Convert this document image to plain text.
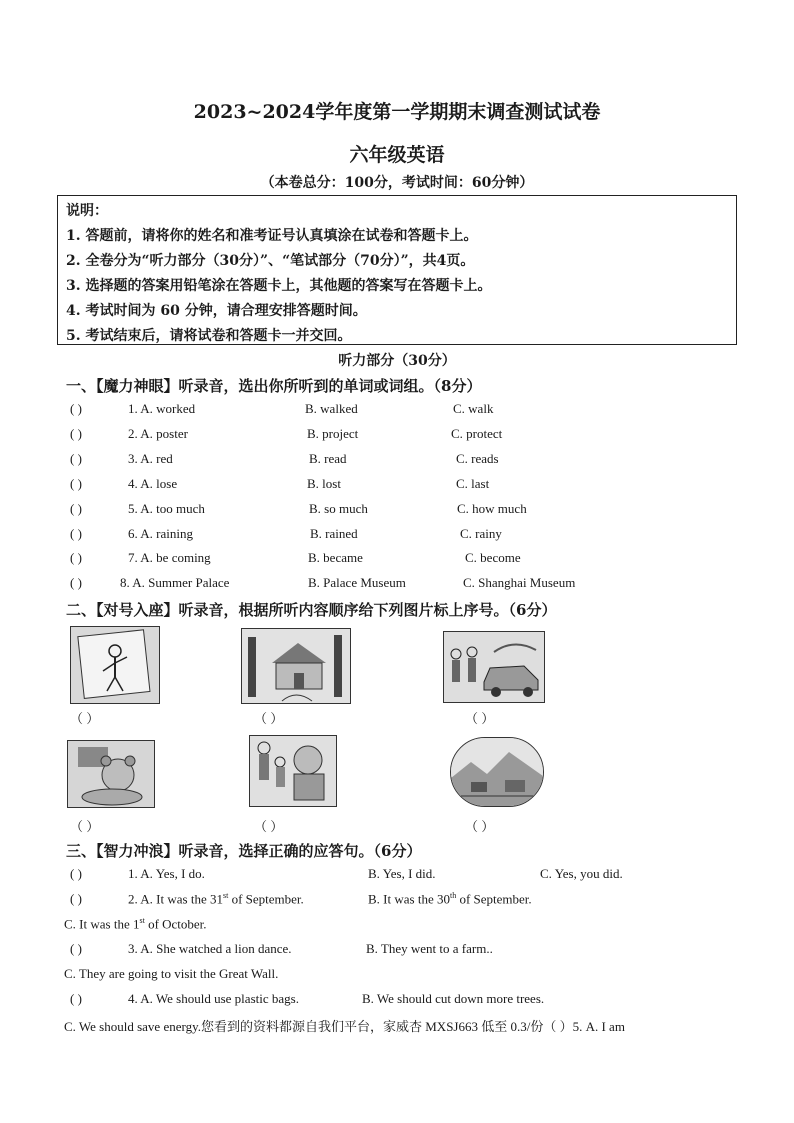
2023~2024学年度第一学期期末调查测试试卷
六年级英语
（本卷总分：100分，考试时间：60分钟）
说明：
1. 答题前，请将你的姓名和准考证号认真填涂在试卷和答题卡上。
2. 全卷分为“听力部分（30分）”、“笔试部分（70分）”，共4页。
3. 选择题的答案用铅笔涂在答题卡上，其他题的答案写在答题卡上。
4. 考试时间为 60 分钟，请合理安排答题时间。
5. 考试结束后，请将试卷和答题卡一并交回。
听力部分（30分）
一、【魔力神眼】听录音，选出你所听到的单词或词组。（8分）
( )	1. A. worked	B. walked	C. walk
( )	2. A. poster	B. project	C. protect
( )	3. A. red	B. read	C. reads
( )	4. A. lose	B. lost	C. last
( )	5. A. too much	B. so much	C. how much
( )	6. A. raining	B. rained	C. rainy
( )	7. A. be coming	B. became	C. become
( )	8. A. Summer Palace	B. Palace Museum	C. Shanghai Museum
二、【对号入座】听录音，根据所听内容顺序给下列图片标上序号。（6分）
（ ）	（ ）	（ ）
（ ）	（ ）	（ ）
三、【智力冲浪】听录音，选择正确的应答句。（6分）
( )	1. A. Yes, I do.	B. Yes, I did.	C. Yes, you did.
( )	2. A. It was the 31st of September.	B. It was the 30th of September.
C. It was the 1st of October.
( )	3. A. She watched a lion dance.	B. They went to a farm..
C. They are going to visit the Great Wall.
( )	4. A. We should use plastic bags.	B. We should cut down more trees.
C. We should save energy.您看到的资料都源自我们平台，家威杏 MXSJ663 低至 0.3/份（ ）5. A. I am
